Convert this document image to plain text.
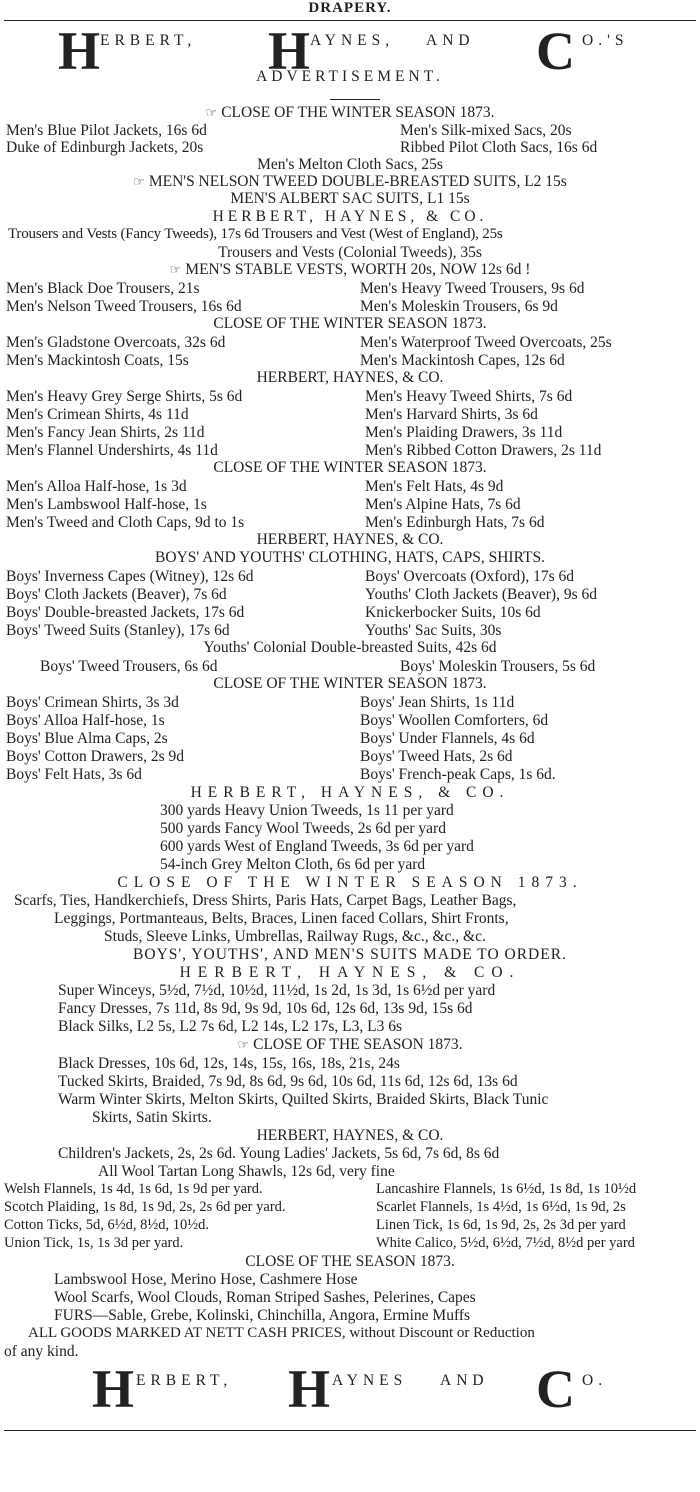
DRAPERY.
H ERBERT, H AYNES, AND C O.'S
ADVERTISEMENT.
☞ CLOSE OF THE WINTER SEASON 1873.
Men's Blue Pilot Jackets, 16s 6d	Men's Silk-mixed Sacs, 20s
Duke of Edinburgh Jackets, 20s	Ribbed Pilot Cloth Sacs, 16s 6d
Men's Melton Cloth Sacs, 25s
☞ MEN'S NELSON TWEED DOUBLE-BREASTED SUITS, L2 15s
MEN'S ALBERT SAC SUITS, L1 15s
HERBERT, HAYNES, & CO.
Trousers and Vests (Fancy Tweeds), 17s 6d Trousers and Vest (West of England), 25s
Trousers and Vests (Colonial Tweeds), 35s
☞ MEN'S STABLE VESTS, WORTH 20s, NOW 12s 6d !
Men's Black Doe Trousers, 21s	Men's Heavy Tweed Trousers, 9s 6d
Men's Nelson Tweed Trousers, 16s 6d	Men's Moleskin Trousers, 6s 9d
CLOSE OF THE WINTER SEASON 1873.
Men's Gladstone Overcoats, 32s 6d	Men's Waterproof Tweed Overcoats, 25s
Men's Mackintosh Coats, 15s	Men's Mackintosh Capes, 12s 6d
HERBERT, HAYNES, & CO.
Men's Heavy Grey Serge Shirts, 5s 6d	Men's Heavy Tweed Shirts, 7s 6d
Men's Crimean Shirts, 4s 11d	Men's Harvard Shirts, 3s 6d
Men's Fancy Jean Shirts, 2s 11d	Men's Plaiding Drawers, 3s 11d
Men's Flannel Undershirts, 4s 11d	Men's Ribbed Cotton Drawers, 2s 11d
CLOSE OF THE WINTER SEASON 1873.
Men's Alloa Half-hose, 1s 3d	Men's Felt Hats, 4s 9d
Men's Lambswool Half-hose, 1s	Men's Alpine Hats, 7s 6d
Men's Tweed and Cloth Caps, 9d to 1s	Men's Edinburgh Hats, 7s 6d
HERBERT, HAYNES, & CO.
BOYS' AND YOUTHS' CLOTHING, HATS, CAPS, SHIRTS.
Boys' Inverness Capes (Witney), 12s 6d	Boys' Overcoats (Oxford), 17s 6d
Boys' Cloth Jackets (Beaver), 7s 6d	Youths' Cloth Jackets (Beaver), 9s 6d
Boys' Double-breasted Jackets, 17s 6d	Knickerbocker Suits, 10s 6d
Boys' Tweed Suits (Stanley), 17s 6d	Youths' Sac Suits, 30s
Youths' Colonial Double-breasted Suits, 42s 6d
Boys' Tweed Trousers, 6s 6d	Boys' Moleskin Trousers, 5s 6d
CLOSE OF THE WINTER SEASON 1873.
Boys' Crimean Shirts, 3s 3d	Boys' Jean Shirts, 1s 11d
Boys' Alloa Half-hose, 1s	Boys' Woollen Comforters, 6d
Boys' Blue Alma Caps, 2s	Boys' Under Flannels, 4s 6d
Boys' Cotton Drawers, 2s 9d	Boys' Tweed Hats, 2s 6d
Boys' Felt Hats, 3s 6d	Boys' French-peak Caps, 1s 6d.
HERBERT, HAYNES, & CO.
300 yards Heavy Union Tweeds, 1s 11 per yard
500 yards Fancy Wool Tweeds, 2s 6d per yard
600 yards West of England Tweeds, 3s 6d per yard
54-inch Grey Melton Cloth, 6s 6d per yard
CLOSE OF THE WINTER SEASON 1873.
Scarfs, Ties, Handkerchiefs, Dress Shirts, Paris Hats, Carpet Bags, Leather Bags,
Leggings, Portmanteaus, Belts, Braces, Linen faced Collars, Shirt Fronts,
Studs, Sleeve Links, Umbrellas, Railway Rugs, &c., &c., &c.
BOYS', YOUTHS', AND MEN'S SUITS MADE TO ORDER.
HERBERT, HAYNES, & CO.
Super Winceys, 5½d, 7½d, 10½d, 11½d, 1s 2d, 1s 3d, 1s 6½d per yard
Fancy Dresses, 7s 11d, 8s 9d, 9s 9d, 10s 6d, 12s 6d, 13s 9d, 15s 6d
Black Silks, L2 5s, L2 7s 6d, L2 14s, L2 17s, L3, L3 6s
☞ CLOSE OF THE SEASON 1873.
Black Dresses, 10s 6d, 12s, 14s, 15s, 16s, 18s, 21s, 24s
Tucked Skirts, Braided, 7s 9d, 8s 6d, 9s 6d, 10s 6d, 11s 6d, 12s 6d, 13s 6d
Warm Winter Skirts, Melton Skirts, Quilted Skirts, Braided Skirts, Black Tunic
Skirts, Satin Skirts.
HERBERT, HAYNES, & CO.
Children's Jackets, 2s, 2s 6d. Young Ladies' Jackets, 5s 6d, 7s 6d, 8s 6d
All Wool Tartan Long Shawls, 12s 6d, very fine
Welsh Flannels, 1s 4d, 1s 6d, 1s 9d per yard.	Lancashire Flannels, 1s 6½d, 1s 8d, 1s 10½d
Scotch Plaiding, 1s 8d, 1s 9d, 2s, 2s 6d per yard.	Scarlet Flannels, 1s 4½d, 1s 6½d, 1s 9d, 2s
Cotton Ticks, 5d, 6½d, 8½d, 10½d.	Linen Tick, 1s 6d, 1s 9d, 2s, 2s 3d per yard
Union Tick, 1s, 1s 3d per yard.	White Calico, 5½d, 6½d, 7½d, 8½d per yard
CLOSE OF THE SEASON 1873.
Lambswool Hose, Merino Hose, Cashmere Hose
Wool Scarfs, Wool Clouds, Roman Striped Sashes, Pelerines, Capes
FURS—Sable, Grebe, Kolinski, Chinchilla, Angora, Ermine Muffs
ALL GOODS MARKED AT NETT CASH PRICES, without Discount or Reduction
of any kind.
H ERBERT, H AYNES AND C O.
